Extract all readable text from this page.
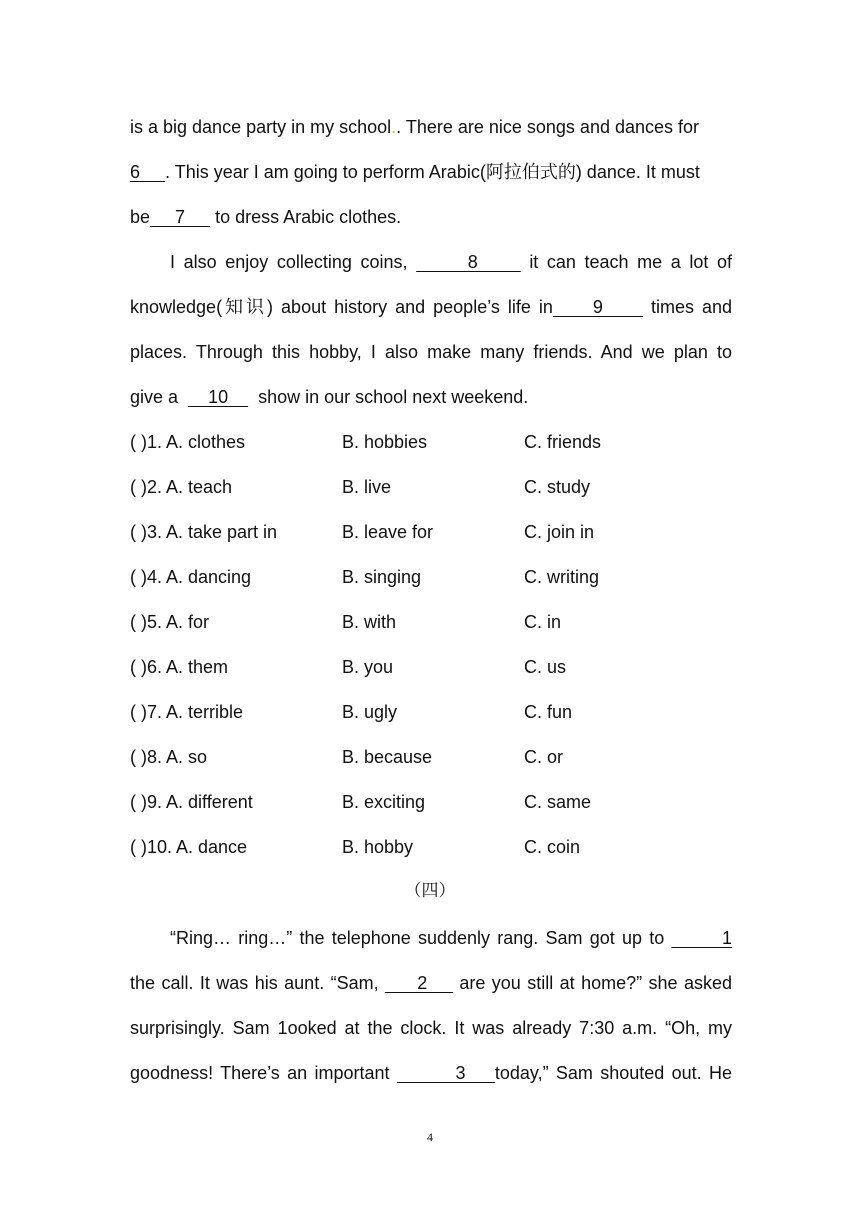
is a big dance party in my school.. There are nice songs and dances for
6     . This year I am going to perform Arabic(阿拉伯式的) dance. It must
be     7      to dress Arabic clothes.
I also enjoy collecting coins,       8      it can teach me a lot of
knowledge(知识) about history and people’s life in     9      times and
places. Through this hobby, I also make many friends. And we plan to
give a      10      show in our school next weekend.
( )1. A. clothes	B. hobbies	C. friends
( )2. A. teach	B. live	C. study
( )3. A. take part in	B. leave for	C. join in
( )4. A. dancing	B. singing	C. writing
( )5. A. for	B. with	C. in
( )6. A. them	B. you	C. us
( )7. A. terrible	B. ugly	C. fun
( )8. A. so	B. because	C. or
( )9. A. different	B. exciting	C. same
( )10. A. dance	B. hobby	C. coin
（四）
“Ring… ring…” the telephone suddenly rang. Sam got up to        1
the call. It was his aunt. “Sam,      2     are you still at home?” she asked
surprisingly. Sam 1ooked at the clock. It was already 7:30 a.m. “Oh, my
goodness! There’s an important         3    today,” Sam shouted out. He
4
